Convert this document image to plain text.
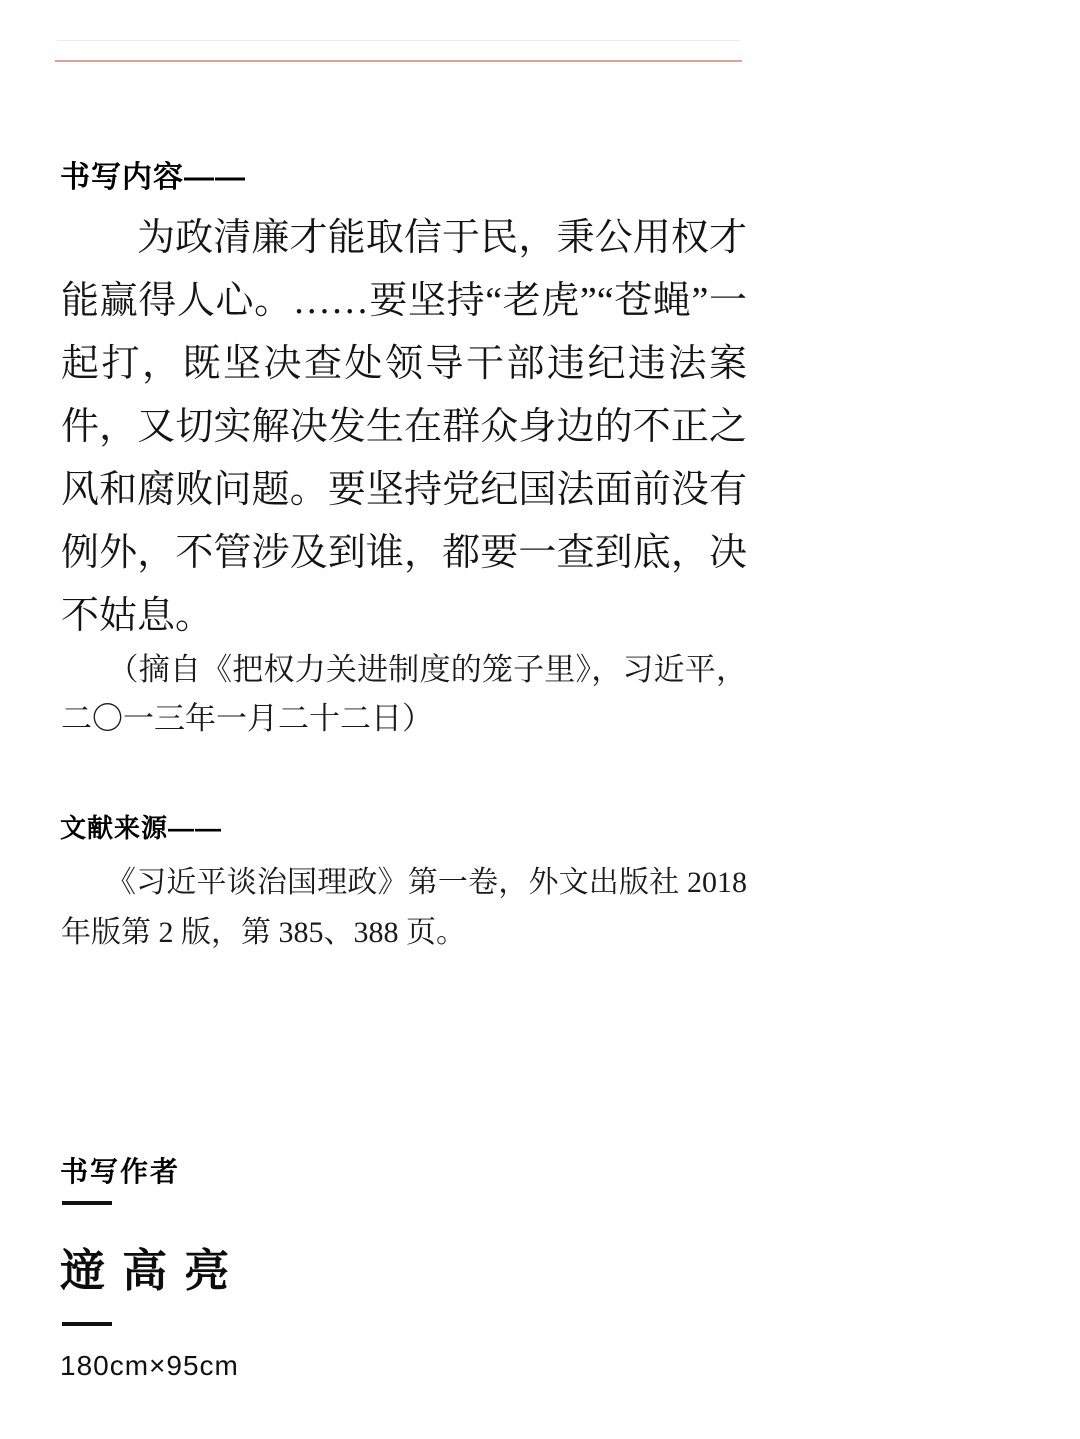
书写内容——

为政清廉才能取信于民，秉公用权才能赢得人心。……要坚持“老虎”“苍蝇”一起打，既坚决查处领导干部违纪违法案件，又切实解决发生在群众身边的不正之风和腐败问题。要坚持党纪国法面前没有例外，不管涉及到谁，都要一查到底，决不姑息。

（摘自《把权力关进制度的笼子里》，习近平，二〇一三年一月二十二日）

文献来源——

《习近平谈治国理政》第一卷，外文出版社 2018 年版第 2 版，第 385、388 页。

书写作者
遆高亮
180cm×95cm
